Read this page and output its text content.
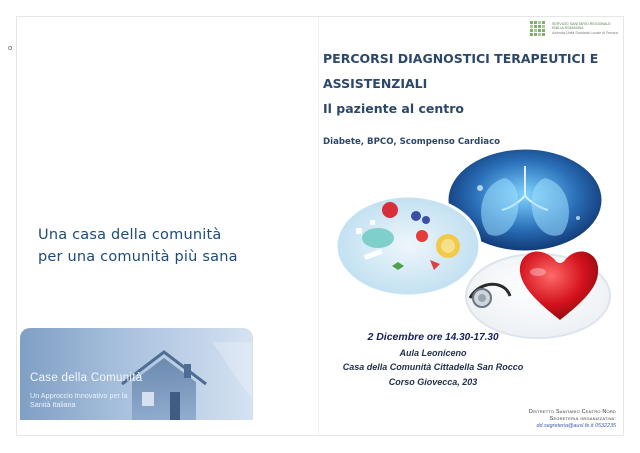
o
Una casa della comunità
per una comunità più sana
Case della Comunità
Un Approccio Innovativo per la
Sanità Italiana
SERVIZIO SANITARIO REGIONALE
EMILIA-ROMAGNA
Azienda Unità Sanitaria Locale di Ferrara
PERCORSI DIAGNOSTICI TERAPEUTICI E
ASSISTENZIALI
Il paziente al centro
Diabete, BPCO, Scompenso Cardiaco
2 Dicembre ore 14.30-17.30
Aula Leoniceno
Casa della Comunità Cittadella San Rocco
Corso Giovecca, 203
Distretto Sanitario Centro Nord
Segreteria organizzativa:
dd.segreteria@ausl.fe.it 0532235
